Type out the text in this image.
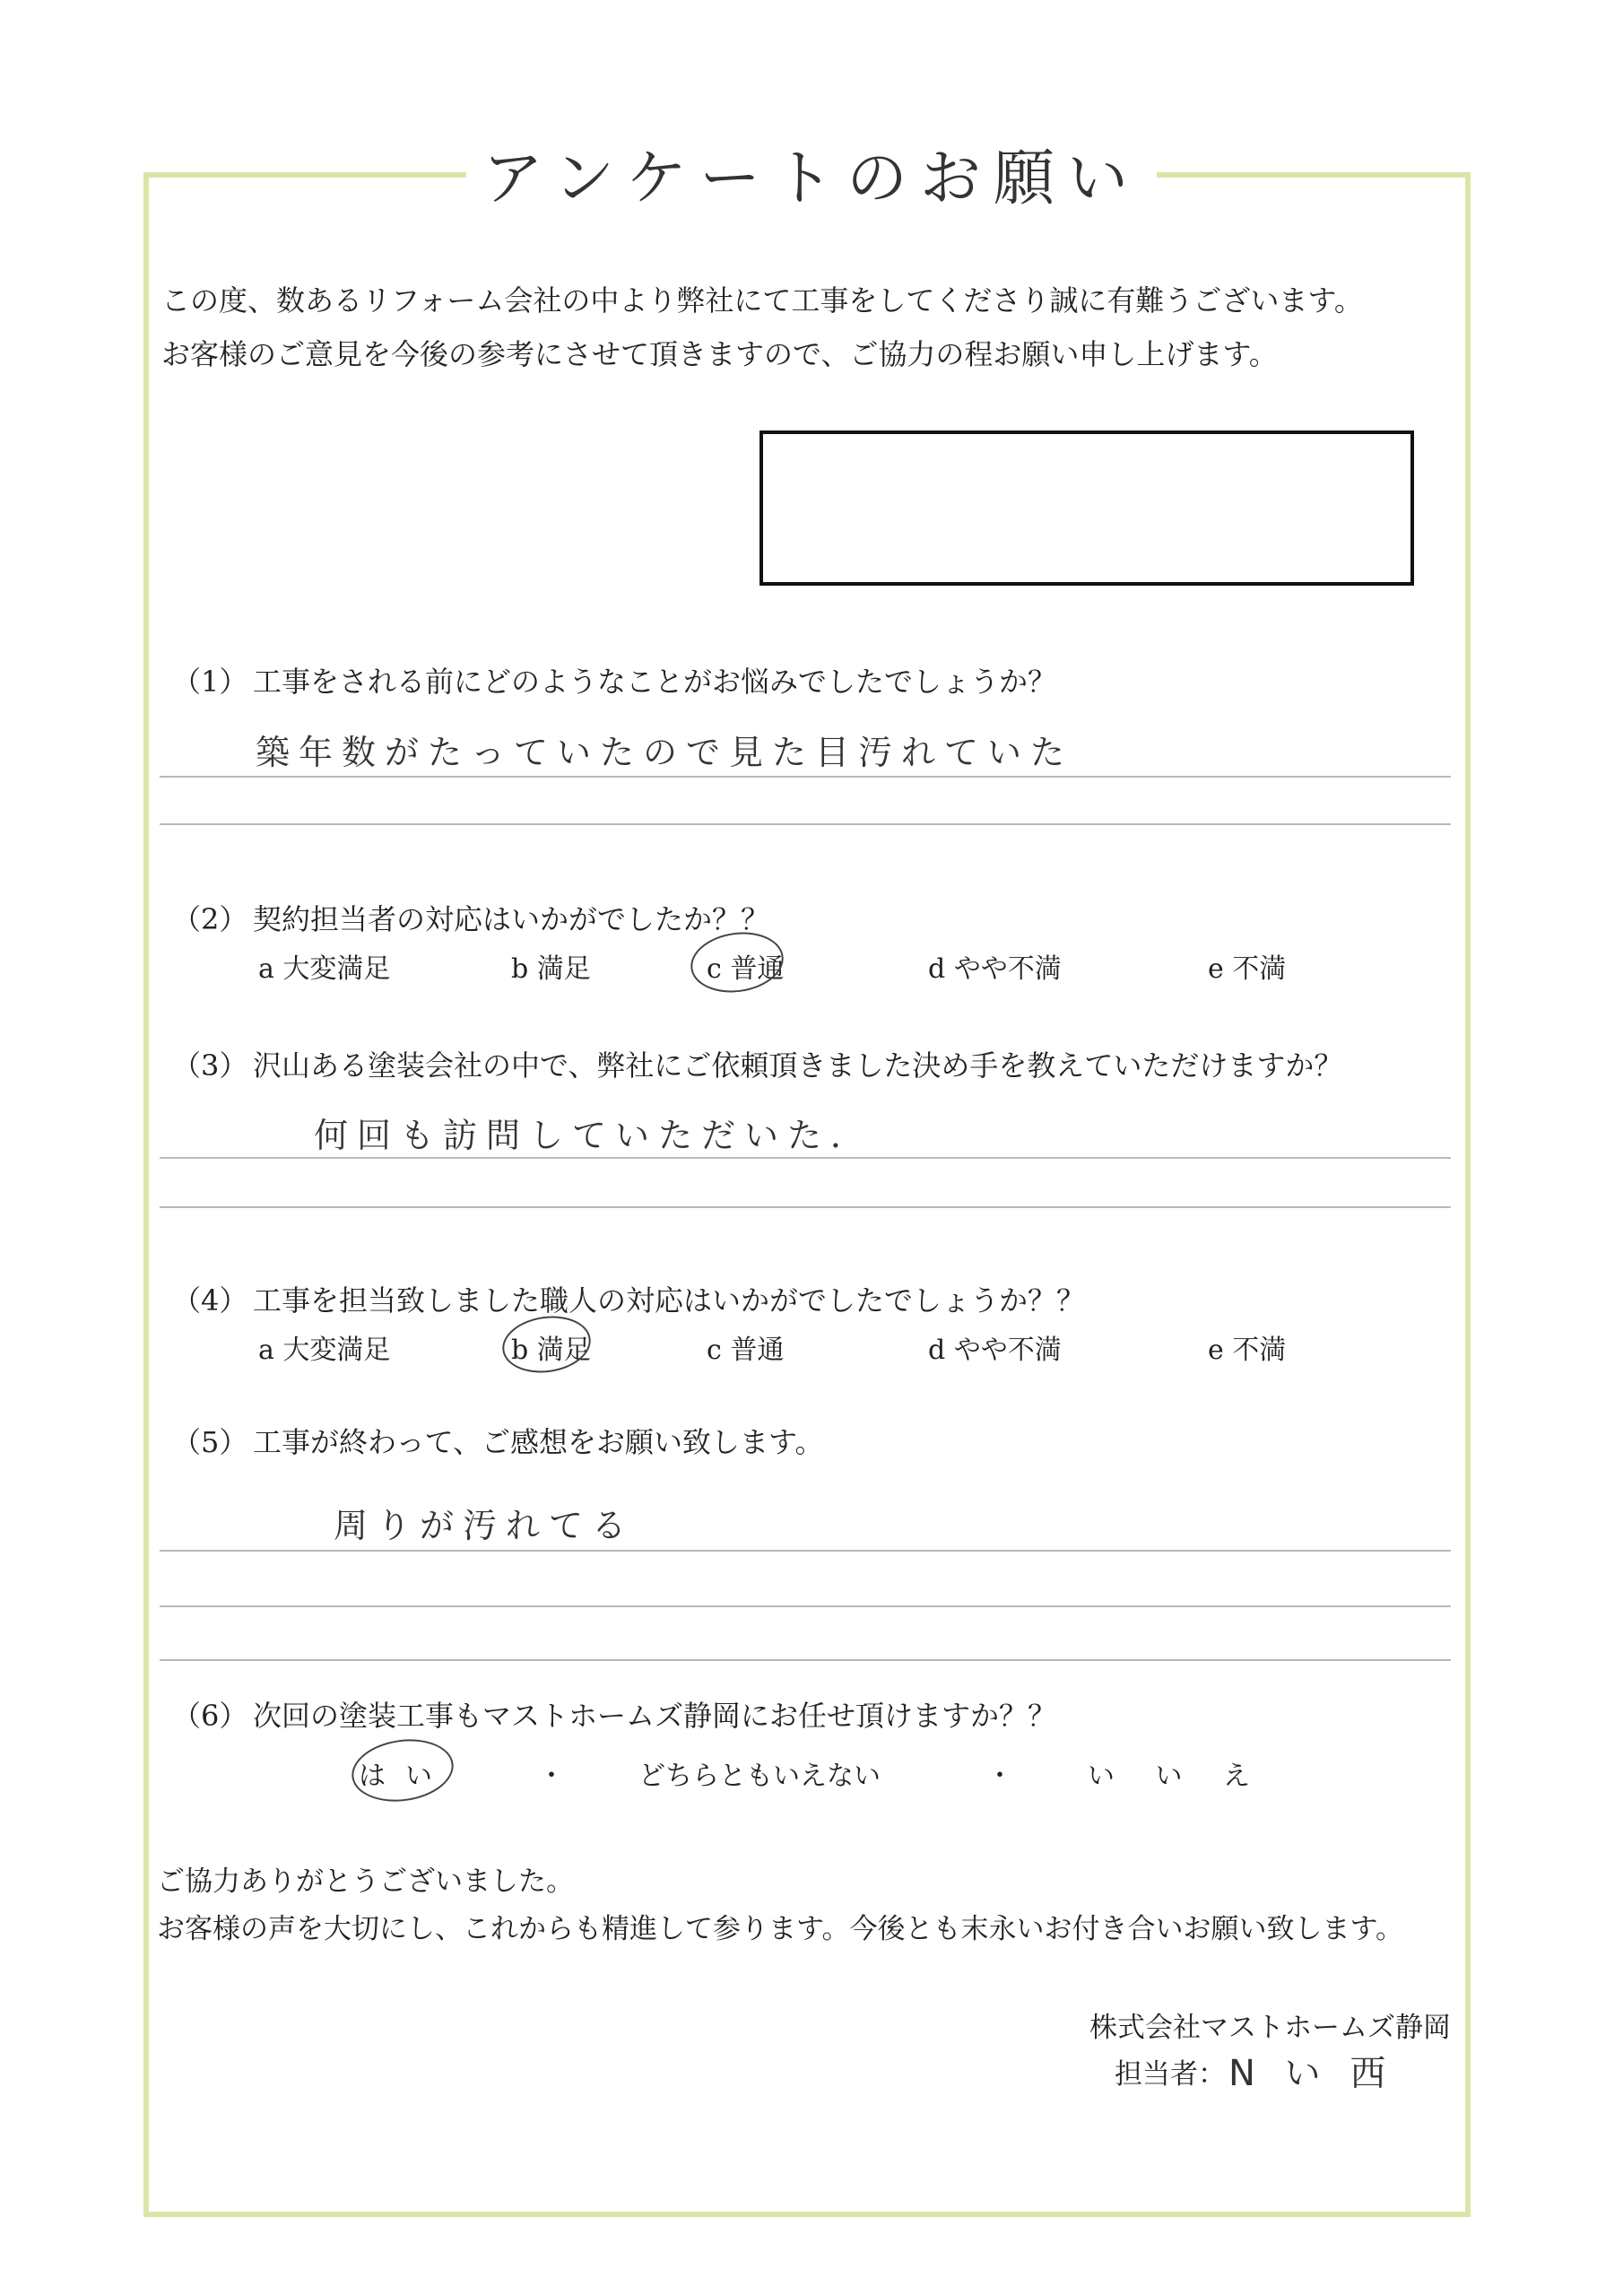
アンケートのお願い
この度、数あるリフォーム会社の中より弊社にて工事をしてくださり誠に有難うございます。
お客様のご意見を今後の参考にさせて頂きますので、ご協力の程お願い申し上げます。
（1） 工事をされる前にどのようなことがお悩みでしたでしょうか？
築年数がたっていたので見た目汚れていた
（2） 契約担当者の対応はいかがでしたか？？
a 大変満足	b 満足	c 普通	d やや不満	e 不満
（3） 沢山ある塗装会社の中で、弊社にご依頼頂きました決め手を教えていただけますか？
何回も訪問していただいた．
（4） 工事を担当致しました職人の対応はいかがでしたでしょうか？？
a 大変満足	b 満足	c 普通	d やや不満	e 不満
（5） 工事が終わって、ご感想をお願い致します。
周りが汚れてる
（6） 次回の塗装工事もマストホームズ静岡にお任せ頂けますか？？
はい	・	どちらともいえない	・	い い え
ご協力ありがとうございました。
お客様の声を大切にし、これからも精進して参ります。今後とも末永いお付き合いお願い致します。
株式会社マストホームズ静岡
担当者： N い 西
